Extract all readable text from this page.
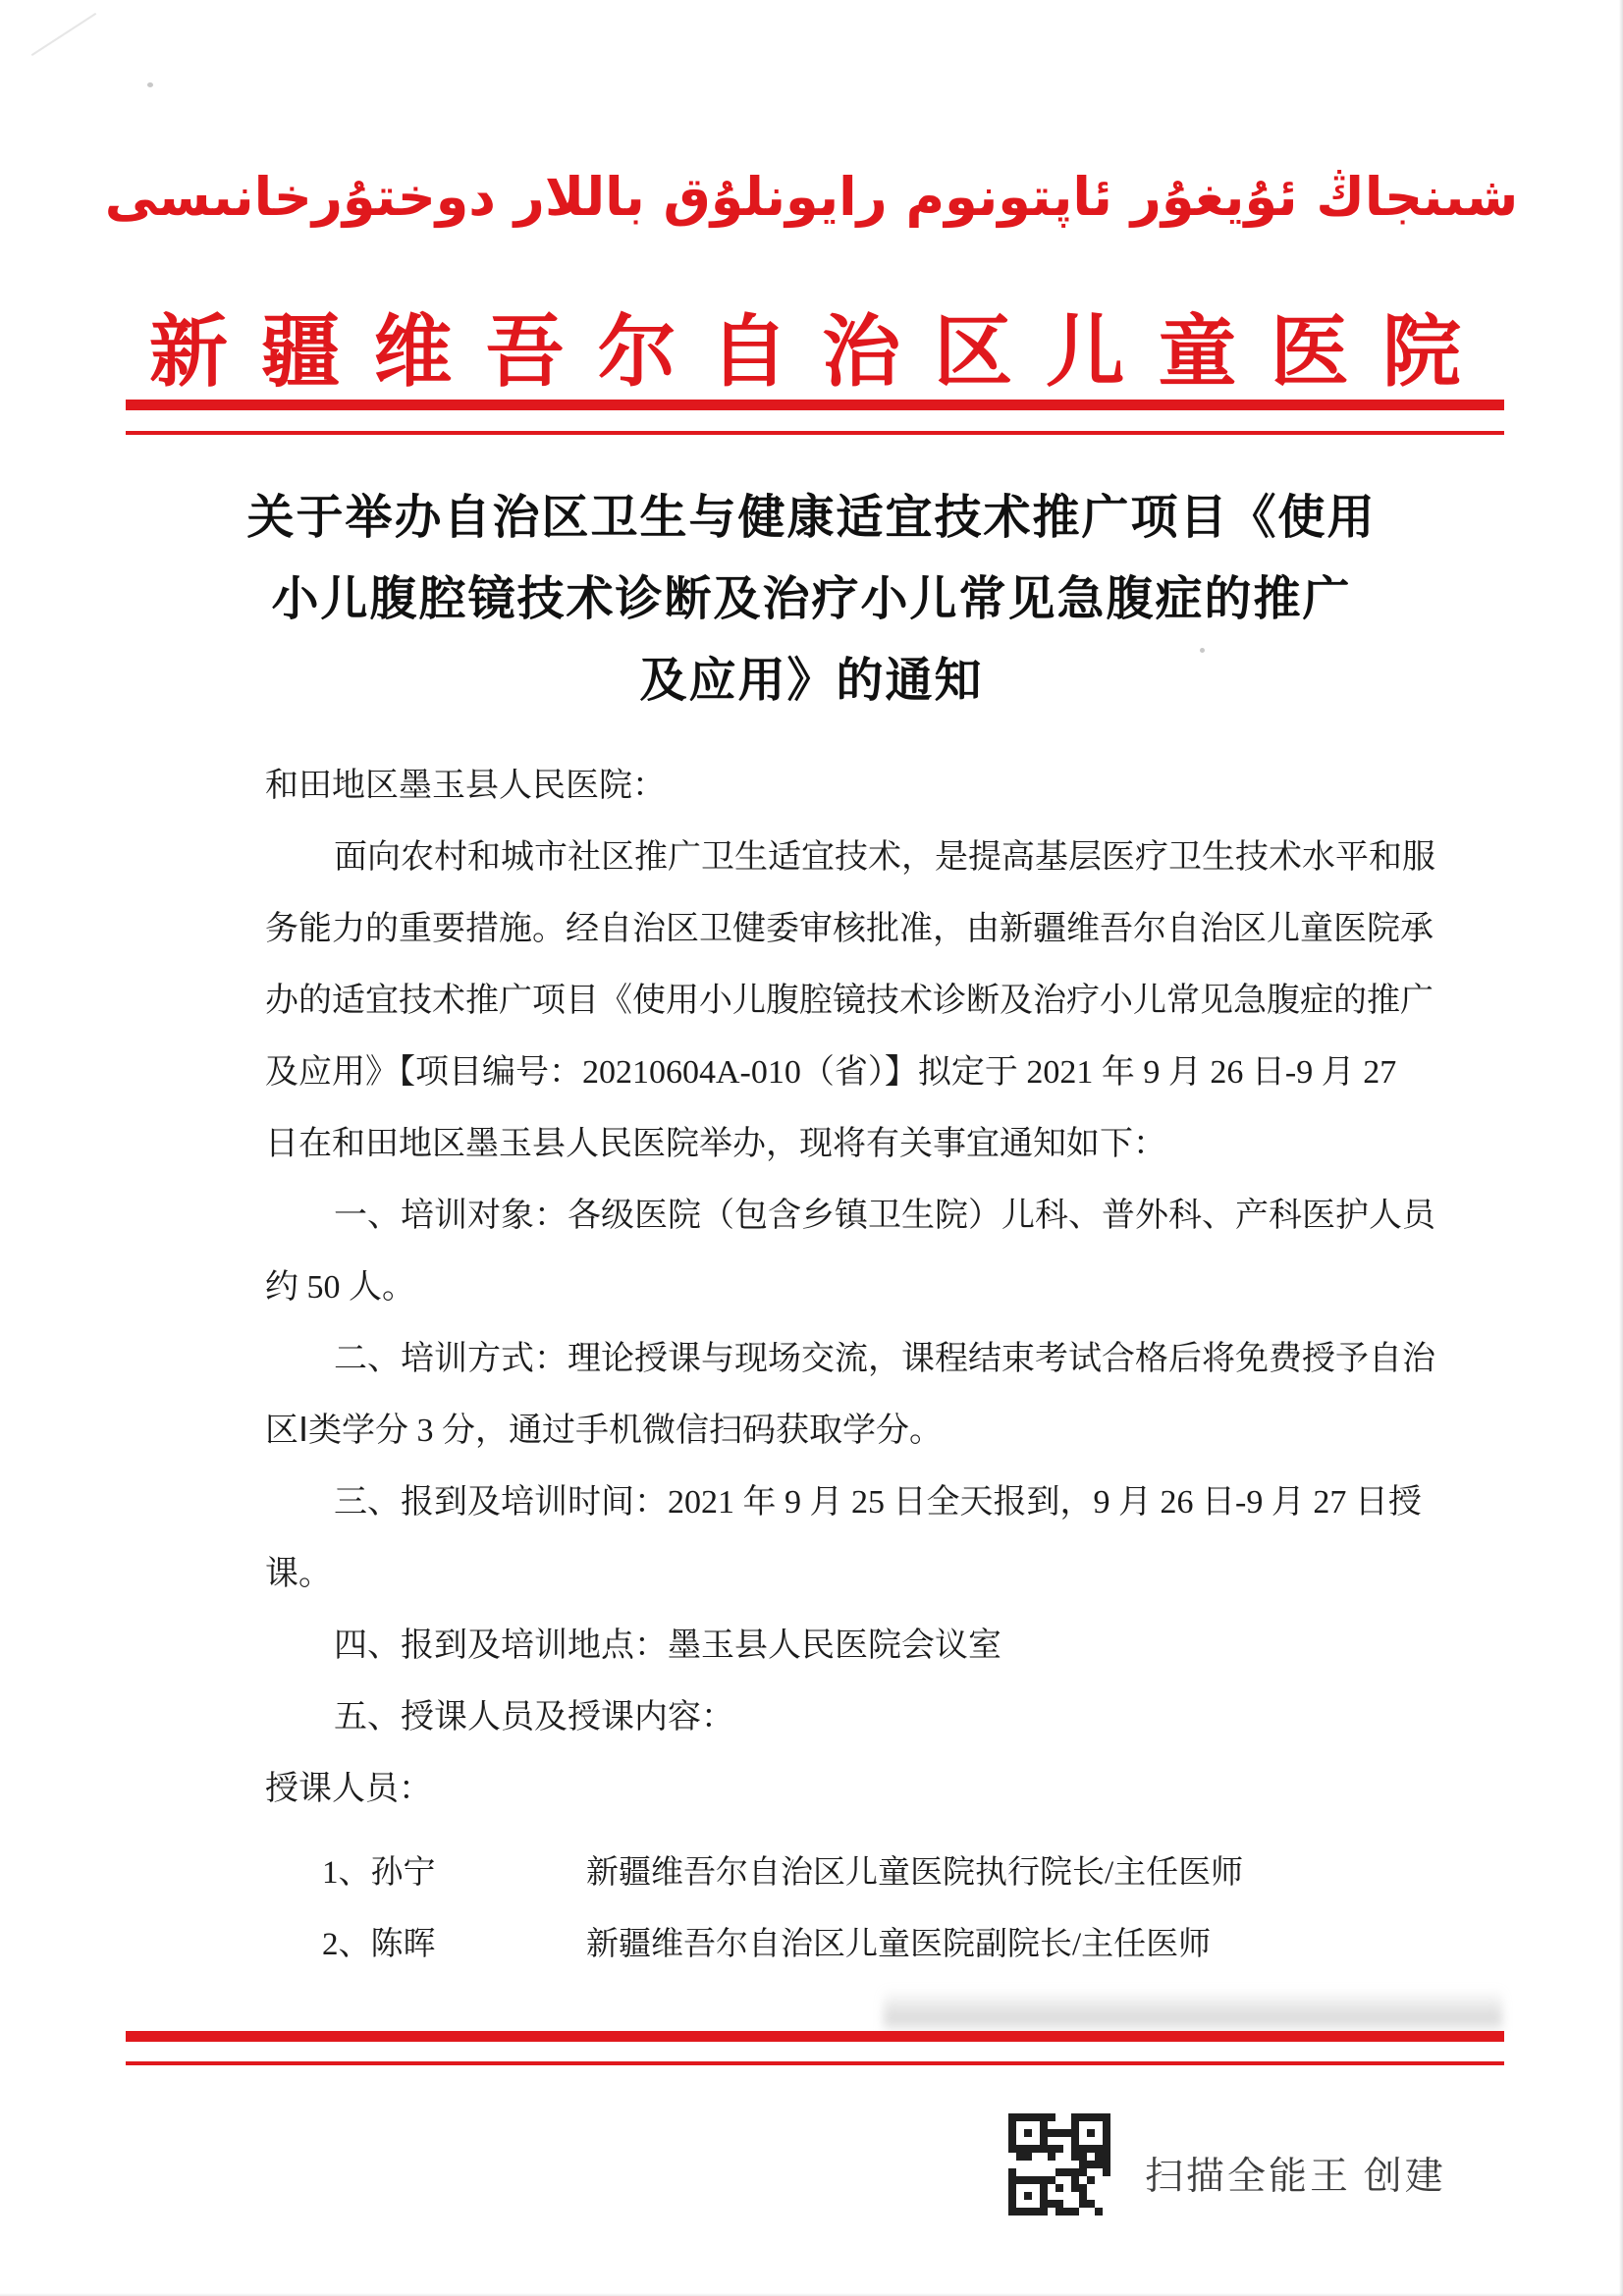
شىنجاڭ ئۇيغۇر ئاپتونوم رايونلۇق باللار دوختۇرخانىسى
新 疆 维 吾 尔 自 治 区 儿 童 医 院
关于举办自治区卫生与健康适宜技术推广项目《使用
小儿腹腔镜技术诊断及治疗小儿常见急腹症的推广
及应用》的通知
和田地区墨玉县人民医院：
面向农村和城市社区推广卫生适宜技术，是提高基层医疗卫生技术水平和服
务能力的重要措施。经自治区卫健委审核批准，由新疆维吾尔自治区儿童医院承
办的适宜技术推广项目《使用小儿腹腔镜技术诊断及治疗小儿常见急腹症的推广
及应用》【项目编号：20210604A-010（省）】拟定于 2021 年 9 月 26 日-9 月 27
日在和田地区墨玉县人民医院举办，现将有关事宜通知如下：
一、培训对象：各级医院（包含乡镇卫生院）儿科、普外科、产科医护人员
约 50 人。
二、培训方式：理论授课与现场交流，课程结束考试合格后将免费授予自治
区Ⅰ类学分 3 分，通过手机微信扫码获取学分。
三、报到及培训时间：2021 年 9 月 25 日全天报到，9 月 26 日-9 月 27 日授
课。
四、报到及培训地点：墨玉县人民医院会议室
五、授课人员及授课内容：
授课人员：
1、孙宁	新疆维吾尔自治区儿童医院执行院长/主任医师
2、陈晖	新疆维吾尔自治区儿童医院副院长/主任医师
扫描全能王 创建
